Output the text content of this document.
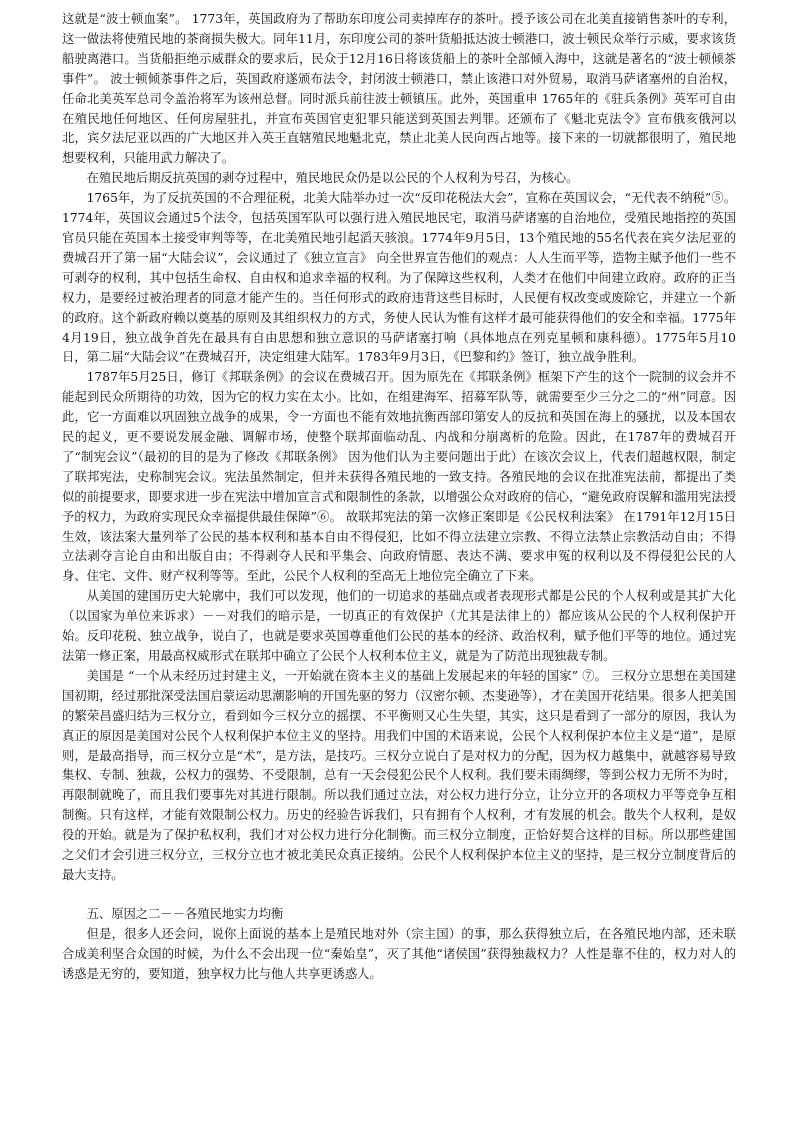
这就是“波士顿血案”。 1773年，英国政府为了帮助东印度公司卖掉库存的茶叶。授予该公司在北美直接销售茶叶的专利，这一做法将使殖民地的茶商损失极大。同年11月，东印度公司的茶叶货船抵达波士顿港口，波士顿民众举行示威，要求该货船驶离港口。当货船拒绝示威群众的要求后，民众于12月16日将该货船上的茶叶全部倾入海中，这就是著名的“波士顿倾茶事件”。 波士顿倾茶事件之后，英国政府遂颁布法令，封闭波士顿港口，禁止该港口对外贸易，取消马萨诸塞州的自治权，任命北美英军总司令盖治将军为该州总督。同时派兵前往波士顿镇压。此外，英国重申 1765年的《驻兵条例》英军可自由在殖民地任何地区、任何房屋驻扎，并宣布英国官吏犯罪只能送到英国去判罪。还颁布了《魁北克法令》宣布俄亥俄河以北，宾夕法尼亚以西的广大地区并入英王直辖殖民地魁北克，禁止北美人民向西占地等。接下来的一切就都很明了，殖民地想要权利，只能用武力解决了。

在殖民地后期反抗英国的剥夺过程中，殖民地民众仍是以公民的个人权利为号召，为核心。

1765年，为了反抗英国的不合理征税，北美大陆举办过一次“反印花税法大会”，宣称在英国议会，“无代表不纳税”⑤。 1774年，英国议会通过5个法令，包括英国军队可以强行进入殖民地民宅，取消马萨诸塞的自治地位，受殖民地指控的英国官员只能在英国本土接受审判等等，在北美殖民地引起滔天骇浪。1774年9月5日，13个殖民地的55名代表在宾夕法尼亚的费城召开了第一届“大陆会议”，会议通过了《独立宣言》 向全世界宣告他们的观点：人人生而平等，造物主赋予他们一些不可剥夺的权利，其中包括生命权、自由权和追求幸福的权利。为了保障这些权利，人类才在他们中间建立政府。政府的正当权力，是要经过被治理者的同意才能产生的。当任何形式的政府违背这些目标时，人民便有权改变或废除它，并建立一个新的政府。这个新政府赖以奠基的原则及其组织权力的方式，务使人民认为惟有这样才最可能获得他们的安全和幸福。1775年4月19日，独立战争首先在最具有自由思想和独立意识的马萨诸塞打响（具体地点在列克星顿和康科德）。1775年5月10日，第二届“大陆会议”在费城召开，决定组建大陆军。1783年9月3日，《巴黎和约》签订，独立战争胜利。

1787年5月25日，修订《邦联条例》的会议在费城召开。因为原先在《邦联条例》框架下产生的这个一院制的议会并不能起到民众所期待的功效，因为它的权力实在太小。比如，在组建海军、招募军队等，就需要至少三分之二的“州”同意。因此，它一方面难以巩固独立战争的成果，令一方面也不能有效地抗衡西部印第安人的反抗和英国在海上的骚扰，以及本国农民的起义，更不要说发展金融、调解市场，使整个联邦面临动乱、内战和分崩离析的危险。因此，在1787年的费城召开了“制宪会议”（最初的目的是为了修改《邦联条例》 因为他们认为主要问题出于此）在该次会议上，代表们超越权限，制定了联邦宪法，史称制宪会议。宪法虽然制定，但并未获得各殖民地的一致支持。各殖民地的会议在批准宪法前，都提出了类似的前提要求，即要求进一步在宪法中增加宣言式和限制性的条款，以增强公众对政府的信心，“避免政府误解和滥用宪法授予的权力，为政府实现民众幸福提供最佳保障”⑥。 故联邦宪法的第一次修正案即是《公民权利法案》 在1791年12月15日生效，该法案大量列举了公民的基本权利和基本自由不得侵犯，比如不得立法建立宗教、不得立法禁止宗教活动自由；不得立法剥夺言论自由和出版自由；不得剥夺人民和平集会、向政府情愿、表达不满、要求申冤的权利以及不得侵犯公民的人身、住宅、文件、财产权利等等。至此，公民个人权利的至高无上地位完全确立了下来。

从美国的建国历史大轮廓中，我们可以发现，他们的一切追求的基础点或者表现形式都是公民的个人权利或是其扩大化（以国家为单位来诉求）－－对我们的暗示是，一切真正的有效保护（尤其是法律上的）都应该从公民的个人权利保护开始。反印花税、独立战争，说白了，也就是要求英国尊重他们公民的基本的经济、政治权利，赋予他们平等的地位。通过宪法第一修正案，用最高权威形式在联邦中确立了公民个人权利本位主义，就是为了防范出现独裁专制。

美国是 “一个从未经历过封建主义，一开始就在资本主义的基础上发展起来的年轻的国家” ⑦。 三权分立思想在美国建国初期，经过那批深受法国启蒙运动思潮影响的开国先驱的努力（汉密尔顿、杰斐逊等），才在美国开花结果。很多人把美国的繁荣昌盛归结为三权分立，看到如今三权分立的摇摆、不平衡则又心生失望，其实，这只是看到了一部分的原因，我认为真正的原因是美国对公民个人权利保护本位主义的坚持。用我们中国的术语来说，公民个人权利保护本位主义是“道”，是原则，是最高指导，而三权分立是“术”，是方法，是技巧。三权分立说白了是对权力的分配，因为权力越集中，就越容易导致集权、专制、独裁，公权力的强势、不受限制，总有一天会侵犯公民个人权利。我们要未雨绸缪，等到公权力无所不为时，再限制就晚了，而且我们要事先对其进行限制。所以我们通过立法，对公权力进行分立，让分立开的各项权力平等竞争互相制衡。只有这样，才能有效限制公权力。历史的经验告诉我们，只有拥有个人权利，才有发展的机会。散失个人权利，是奴役的开始。就是为了保护私权利，我们才对公权力进行分化制衡。而三权分立制度，正恰好契合这样的目标。所以那些建国之父们才会引进三权分立，三权分立也才被北美民众真正接纳。公民个人权利保护本位主义的坚持，是三权分立制度背后的最大支持。

五、原因之二－－各殖民地实力均衡

但是，很多人还会问，说你上面说的基本上是殖民地对外（宗主国）的事，那么获得独立后，在各殖民地内部，还未联合成美利坚合众国的时候，为什么不会出现一位“秦始皇”，灭了其他“诸侯国”获得独裁权力？人性是靠不住的，权力对人的诱惑是无穷的，要知道，独享权力比与他人共享更诱惑人。
